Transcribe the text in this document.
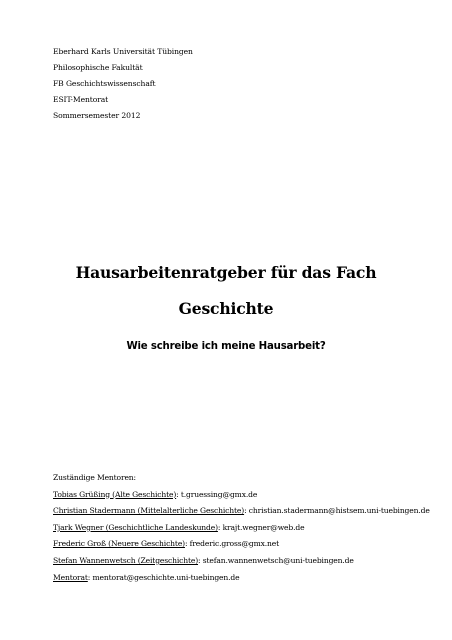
Eberhard Karls Universität Tübingen
Philosophische Fakultät
FB Geschichtswissenschaft
ESIT-Mentorat
Sommersemester 2012
Hausarbeitenratgeber für das Fach
Geschichte
Wie schreibe ich meine Hausarbeit?
Zuständige Mentoren:
Tobias Grüßing (Alte Geschichte): t.gruessing@gmx.de
Christian Stadermann (Mittelalterliche Geschichte): christian.stadermann@histsem.uni-tuebingen.de
Tjark Wegner (Geschichtliche Landeskunde): krajt.wegner@web.de
Frederic Groß (Neuere Geschichte): frederic.gross@gmx.net
Stefan Wannenwetsch (Zeitgeschichte): stefan.wannenwetsch@uni-tuebingen.de
Mentorat: mentorat@geschichte.uni-tuebingen.de
